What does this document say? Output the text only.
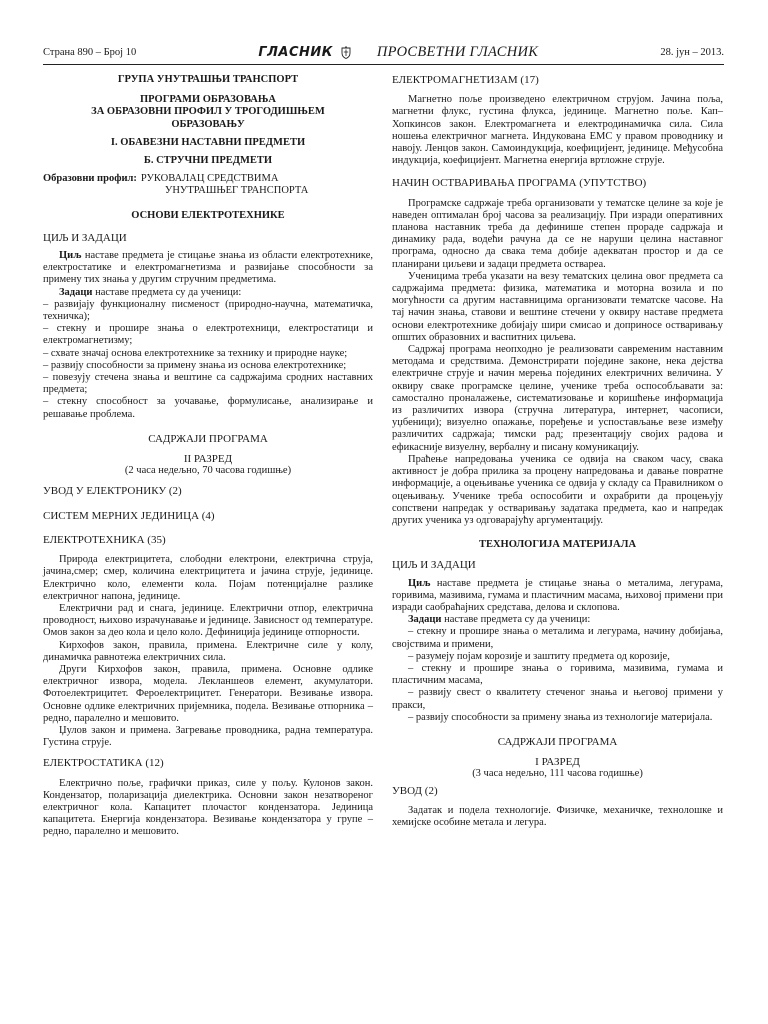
Страна 890 – Број 10	ГЛАСНИК	ПРОСВЕТНИ ГЛАСНИК	28. јун – 2013.

ГРУПА УНУТРАШЊИ ТРАНСПОРТ

ПРОГРАМИ ОБРАЗОВАЊА

ЗА ОБРАЗОВНИ ПРОФИЛ У ТРОГОДИШЊЕМ

ОБРАЗОВАЊУ

I. ОБАВЕЗНИ НАСТАВНИ ПРЕДМЕТИ

Б. СТРУЧНИ ПРЕДМЕТИ

Образовни профил: РУКОВАЛАЦ СРЕДСТВИМА
УНУТРАШЊЕГ ТРАНСПОРТА

ОСНОВИ ЕЛЕКТРОТЕХНИКЕ

ЦИЉ И ЗАДАЦИ

Циљ наставе предмета је стицање знања из области електротехнике, електростатике и електромагнетизма и развијање способности за примену тих знања у другим стручним предметима.

Задаци наставе предмета су да ученици:

– развијају функционалну писменост (природно-научна, математичка, техничка);

– стекну и прошире знања о електротехници, електростатици и електромагнетизму;

– схвате значај основа електротехнике за технику и природне науке;

– развију способности за примену знања из основа електротехнике;

– повезују стечена знања и вештине са садржајима сродних наставних предмета;

– стекну способност за уочавање, формулисање, анализирање и решавање проблема.

САДРЖАЈИ ПРОГРАМА

II РАЗРЕД

(2 часа недељно, 70 часова годишње)

УВОД У ЕЛЕКТРОНИКУ (2)

СИСТЕМ МЕРНИХ ЈЕДИНИЦА (4)

ЕЛЕКТРОТЕХНИКА (35)

Природа електрицитета, слободни електрони, електрична струја, јачина,смер; смер, количина електрицитета и јачина струје, јединице. Електрично коло, елементи кола. Појам потенцијалне разлике електричног напона, јединице.

Електрични рад и снага, јединице. Електрични отпор, електрична проводност, њихово израчунавање и јединице. Зависност од температуре. Омов закон за део кола и цело коло. Дефиниција јединице отпорности.

Кирхофов закон, правила, примена. Електричне силе у колу, динамичка равнотежа електричних сила.

Други Кирхофов закон, правила, примена. Основне одлике електричног извора, модела. Лекланшеов елемент, акумулатори. Фотоелектрицитет. Фероелектрицитет. Генератори. Везивање извора. Основне одлике електричних пријемника, подела. Везивање отпорника – редно, паралелно и мешовито.

Џулов закон и примена. Загревање проводника, радна температура. Густина струје.

ЕЛЕКТРОСТАТИКА (12)

Електрично поље, графички приказ, силе у пољу. Кулонов закон. Кондензатор, поларизација диелектрика. Основни закон незатвореног електричног кола. Капацитет плочастог кондензатора. Јединица капацитета. Енергија кондензатора. Везивање кондензатора у групе – редно, паралелно и мешовито.

ЕЛЕКТРОМАГНЕТИЗАМ (17)

Магнетно поље произведено електричном струјом. Јачина поља, магнетни флукс, густина флукса, јединице. Магнетно поље. Кап–Хопкинсов закон. Електромагнета и електродинамичка сила. Сила ношења електричног магнета. Индукована ЕМС у правом проводнику и навоју. Ленцов закон. Самоиндукција, коефицијент, јединице. Међусобна индукција, коефицијент. Магнетна енергија вртложне струје.

НАЧИН ОСТВАРИВАЊА ПРОГРАМА (УПУТСТВО)

Програмске садржаје треба организовати у тематске целине за које је наведен оптималан број часова за реализацију. При изради оперативних планова наставник треба да дефинише степен прораде садржаја и динамику рада, водећи рачуна да се не наруши целина наставног програма, односно да свака тема добије адекватан простор и да се планирани циљеви и задаци предмета оствареа.

Ученицима треба указати на везу тематских целина овог предмета са садржајима предмета: физика, математика и моторна возила и по могућности са другим наставницима организовати тематске часове. На тај начин знања, ставови и вештине стечени у оквиру наставе предмета основи електротехнике добијају шири смисао и доприносе остваривању општих образовних и васпитних циљева.

Садржај програма неопходно је реализовати савременим наставним методама и средствима. Демонстрирати поједине законе, нека дејства електричне струје и начин мерења појединих електричних величина. У оквиру сваке програмске целине, ученике треба оспособљавати за: самостално проналажење, систематизовање и коришћење информација из различитих извора (стручна литература, интернет, часописи, уџбеници); визуелно опажање, поређење и успостављање везе између различитих садржаја; тимски рад; презентацију својих радова и ефикасније визуелну, вербалну и писану комуникацију.

Праћење напредовања ученика се одвија на сваком часу, свака активност је добра прилика за процену напредовања и давање повратне информације, а оцењивање ученика се одвија у складу са Правилником о оцењивању. Ученике треба оспособити и охрабрити да процењују сопствени напредак у остваривању задатака предмета, као и напредак других ученика уз одговарајућу аргументацију.

ТЕХНОЛОГИЈА МАТЕРИЈАЛА

ЦИЉ И ЗАДАЦИ

Циљ наставе предмета је стицање знања о металима, легурама, горивима, мазивима, гумама и пластичним масама, њиховој примени при изради саобраћајних средстава, делова и склопова.

Задаци наставе предмета су да ученици:

– стекну и прошире знања о металима и легурама, начину добијања, својствима и примени,

– разумеју појам корозије и заштиту предмета од корозије,

– стекну и прошире знања о горивима, мазивима, гумама и пластичним масама,

– развију свест о квалитету стеченог знања и његовој примени у пракси,

– развију способности за примену знања из технологије материјала.

САДРЖАЈИ ПРОГРАМА

I РАЗРЕД

(3 часа недељно, 111 часова годишње)

УВОД (2)

Задатак и подела технологије. Физичке, механичке, технолошке и хемијске особине метала и легура.
